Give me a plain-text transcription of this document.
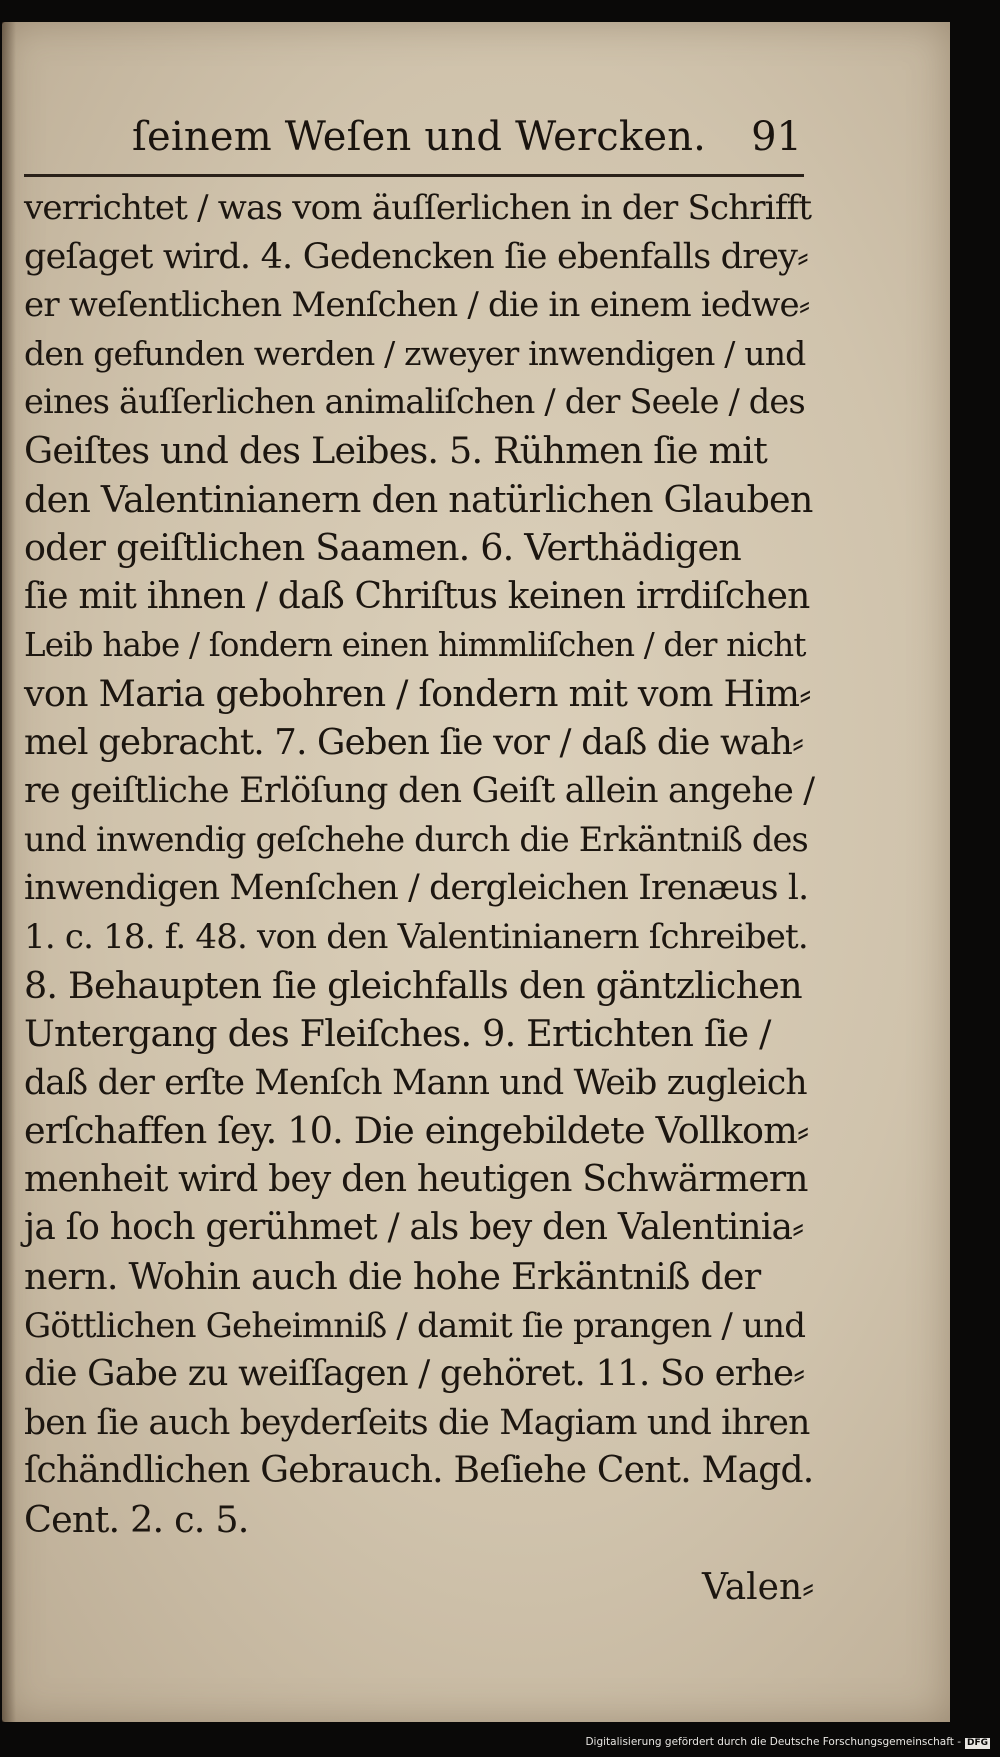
ſeinem Weſen und Wercken. 91
verrichtet / was vom äuſſerlichen in der Schrifft
geſaget wird. 4. Gedencken ſie ebenfalls drey⸗
er weſentlichen Menſchen / die in einem iedwe⸗
den gefunden werden / zweyer inwendigen / und
eines äuſſerlichen animaliſchen / der Seele / des
Geiſtes und des Leibes. 5. Rühmen ſie mit
den Valentinianern den natürlichen Glauben
oder geiſtlichen Saamen. 6. Verthädigen
ſie mit ihnen / daß Chriſtus keinen irrdiſchen
Leib habe / ſondern einen himmliſchen / der nicht
von Maria gebohren / ſondern mit vom Him⸗
mel gebracht. 7. Geben ſie vor / daß die wah⸗
re geiſtliche Erlöſung den Geiſt allein angehe /
und inwendig geſchehe durch die Erkäntniß des
inwendigen Menſchen / dergleichen Irenæus l.
1. c. 18. f. 48. von den Valentinianern ſchreibet.
8. Behaupten ſie gleichfalls den gäntzlichen
Untergang des Fleiſches. 9. Ertichten ſie /
daß der erſte Menſch Mann und Weib zugleich
erſchaffen ſey. 10. Die eingebildete Vollkom⸗
menheit wird bey den heutigen Schwärmern
ja ſo hoch gerühmet / als bey den Valentinia⸗
nern. Wohin auch die hohe Erkäntniß der
Göttlichen Geheimniß / damit ſie prangen / und
die Gabe zu weiſſagen / gehöret. 11. So erhe⸗
ben ſie auch beyderſeits die Magiam und ihren
ſchändlichen Gebrauch. Beſiehe Cent. Magd.
Cent. 2. c. 5.
Valen⸗
Digitalisierung gefördert durch die Deutsche Forschungsgemeinschaft - DFG
